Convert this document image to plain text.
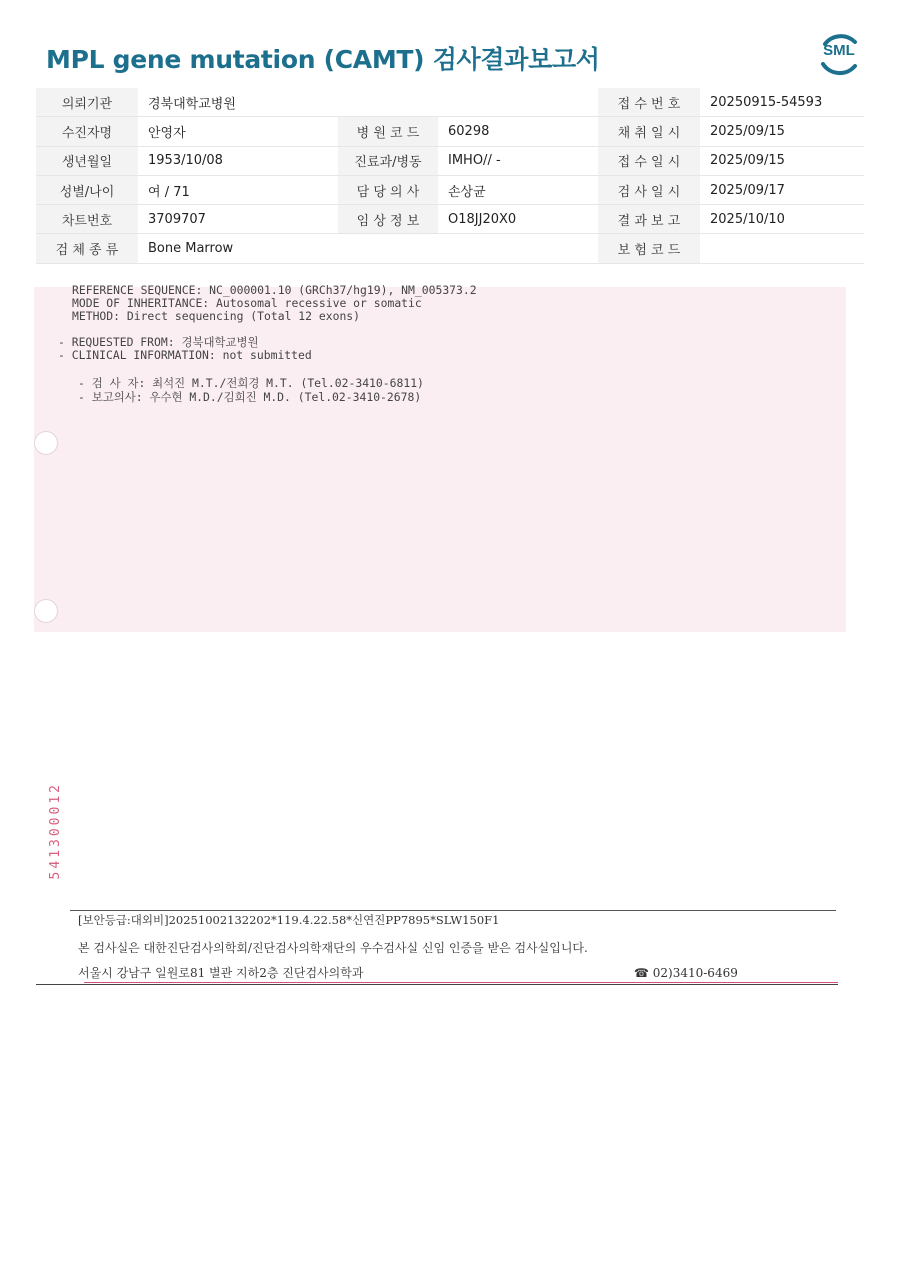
MPL gene mutation (CAMT) 검사결과보고서	SML
의뢰기관	경북대학교병원			접 수 번 호	20250915-54593
수진자명	안영자	병 원 코 드	60298	채 취 일 시	2025/09/15
생년월일	1953/10/08	진료과/병동	IMHO// -	접 수 일 시	2025/09/15
성별/나이	여 / 71	담 당 의 사	손상균	검 사 일 시	2025/09/17
차트번호	3709707	임 상 정 보	O18JJ20X0	결 과 보 고	2025/10/10
검 체 종 류	Bone Marrow			보 험 코 드	
REFERENCE SEQUENCE: NC_000001.10 (GRCh37/hg19), NM_005373.2
MODE OF INHERITANCE: Autosomal recessive or somatic
METHOD: Direct sequencing (Total 12 exons)
- REQUESTED FROM: 경북대학교병원
- CLINICAL INFORMATION: not submitted
- 검 사 자: 최석진 M.T./전희경 M.T. (Tel.02-3410-6811)
- 보고의사: 우수현 M.D./김희진 M.D. (Tel.02-3410-2678)
541300012
[보안등급:대외비]20251002132202*119.4.22.58*신연진PP7895*SLW150F1
본 검사실은 대한진단검사의학회/진단검사의학재단의 우수검사실 신임 인증을 받은 검사실입니다.
서울시 강남구 일원로81 별관 지하2층 진단검사의학과	☎ 02)3410-6469
